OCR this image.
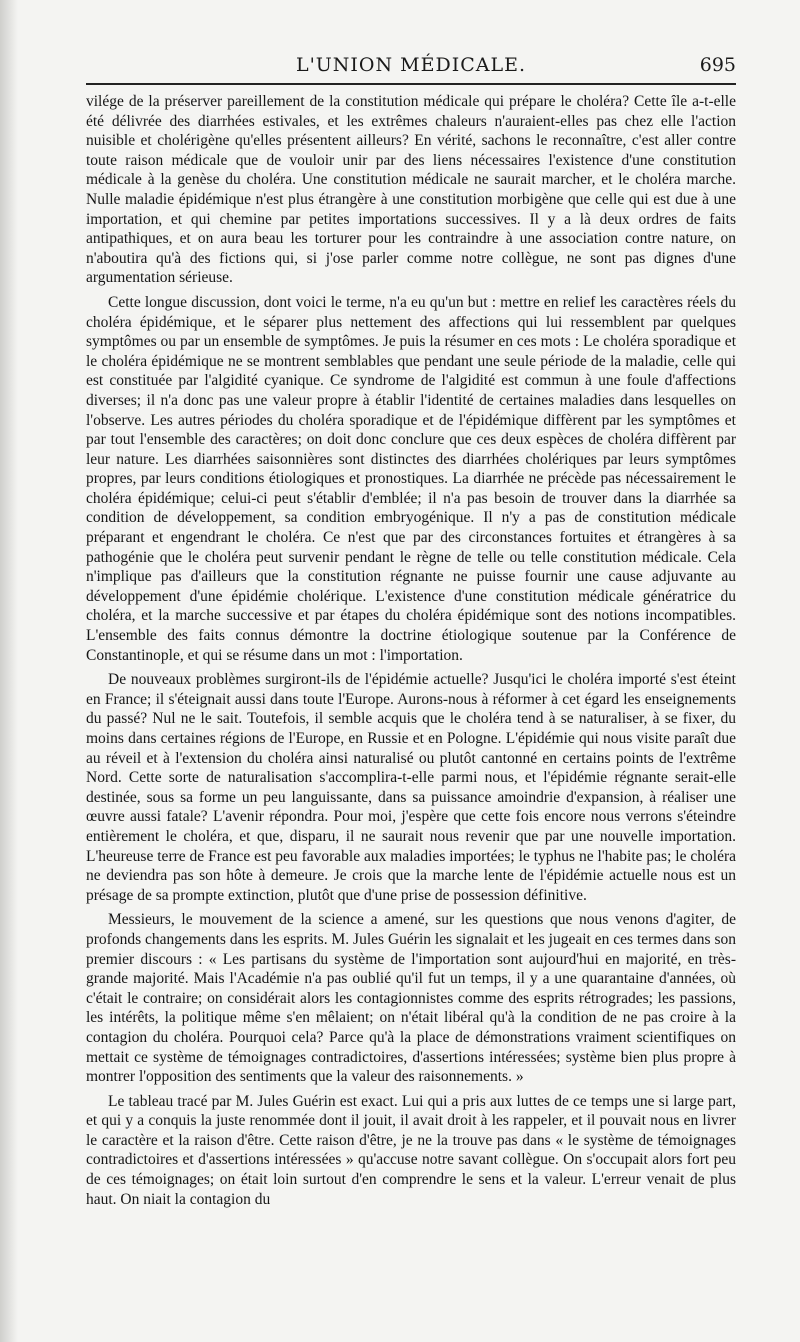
L'UNION MÉDICALE.	695

vilége de la préserver pareillement de la constitution médicale qui prépare le choléra? Cette île a-t-elle été délivrée des diarrhées estivales, et les extrêmes chaleurs n'auraient-elles pas chez elle l'action nuisible et cholérigène qu'elles présentent ailleurs? En vérité, sachons le reconnaître, c'est aller contre toute raison médicale que de vouloir unir par des liens nécessaires l'existence d'une constitution médicale à la genèse du choléra. Une constitution médicale ne saurait marcher, et le choléra marche. Nulle maladie épidémique n'est plus étrangère à une constitution morbigène que celle qui est due à une importation, et qui chemine par petites importations successives. Il y a là deux ordres de faits antipathiques, et on aura beau les torturer pour les contraindre à une association contre nature, on n'aboutira qu'à des fictions qui, si j'ose parler comme notre collègue, ne sont pas dignes d'une argumentation sérieuse.

Cette longue discussion, dont voici le terme, n'a eu qu'un but : mettre en relief les caractères réels du choléra épidémique, et le séparer plus nettement des affections qui lui ressemblent par quelques symptômes ou par un ensemble de symptômes. Je puis la résumer en ces mots : Le choléra sporadique et le choléra épidémique ne se montrent semblables que pendant une seule période de la maladie, celle qui est constituée par l'algidité cyanique. Ce syndrome de l'algidité est commun à une foule d'affections diverses; il n'a donc pas une valeur propre à établir l'identité de certaines maladies dans lesquelles on l'observe. Les autres périodes du choléra sporadique et de l'épidémique diffèrent par les symptômes et par tout l'ensemble des caractères; on doit donc conclure que ces deux espèces de choléra diffèrent par leur nature. Les diarrhées saisonnières sont distinctes des diarrhées cholériques par leurs symptômes propres, par leurs conditions étiologiques et pronostiques. La diarrhée ne précède pas nécessairement le choléra épidémique; celui-ci peut s'établir d'emblée; il n'a pas besoin de trouver dans la diarrhée sa condition de développement, sa condition embryogénique. Il n'y a pas de constitution médicale préparant et engendrant le choléra. Ce n'est que par des circonstances fortuites et étrangères à sa pathogénie que le choléra peut survenir pendant le règne de telle ou telle constitution médicale. Cela n'implique pas d'ailleurs que la constitution régnante ne puisse fournir une cause adjuvante au développement d'une épidémie cholérique. L'existence d'une constitution médicale génératrice du choléra, et la marche successive et par étapes du choléra épidémique sont des notions incompatibles. L'ensemble des faits connus démontre la doctrine étiologique soutenue par la Conférence de Constantinople, et qui se résume dans un mot : l'importation.

De nouveaux problèmes surgiront-ils de l'épidémie actuelle? Jusqu'ici le choléra importé s'est éteint en France; il s'éteignait aussi dans toute l'Europe. Aurons-nous à réformer à cet égard les enseignements du passé? Nul ne le sait. Toutefois, il semble acquis que le choléra tend à se naturaliser, à se fixer, du moins dans certaines régions de l'Europe, en Russie et en Pologne. L'épidémie qui nous visite paraît due au réveil et à l'extension du choléra ainsi naturalisé ou plutôt cantonné en certains points de l'extrême Nord. Cette sorte de naturalisation s'accomplira-t-elle parmi nous, et l'épidémie régnante serait-elle destinée, sous sa forme un peu languissante, dans sa puissance amoindrie d'expansion, à réaliser une œuvre aussi fatale? L'avenir répondra. Pour moi, j'espère que cette fois encore nous verrons s'éteindre entièrement le choléra, et que, disparu, il ne saurait nous revenir que par une nouvelle importation. L'heureuse terre de France est peu favorable aux maladies importées; le typhus ne l'habite pas; le choléra ne deviendra pas son hôte à demeure. Je crois que la marche lente de l'épidémie actuelle nous est un présage de sa prompte extinction, plutôt que d'une prise de possession définitive.

Messieurs, le mouvement de la science a amené, sur les questions que nous venons d'agiter, de profonds changements dans les esprits. M. Jules Guérin les signalait et les jugeait en ces termes dans son premier discours : « Les partisans du système de l'importation sont aujourd'hui en majorité, en très-grande majorité. Mais l'Académie n'a pas oublié qu'il fut un temps, il y a une quarantaine d'années, où c'était le contraire; on considérait alors les contagionnistes comme des esprits rétrogrades; les passions, les intérêts, la politique même s'en mêlaient; on n'était libéral qu'à la condition de ne pas croire à la contagion du choléra. Pourquoi cela? Parce qu'à la place de démonstrations vraiment scientifiques on mettait ce système de témoignages contradictoires, d'assertions intéressées; système bien plus propre à montrer l'opposition des sentiments que la valeur des raisonnements. »

Le tableau tracé par M. Jules Guérin est exact. Lui qui a pris aux luttes de ce temps une si large part, et qui y a conquis la juste renommée dont il jouit, il avait droit à les rappeler, et il pouvait nous en livrer le caractère et la raison d'être. Cette raison d'être, je ne la trouve pas dans « le système de témoignages contradictoires et d'assertions intéressées » qu'accuse notre savant collègue. On s'occupait alors fort peu de ces témoignages; on était loin surtout d'en comprendre le sens et la valeur. L'erreur venait de plus haut. On niait la contagion du
